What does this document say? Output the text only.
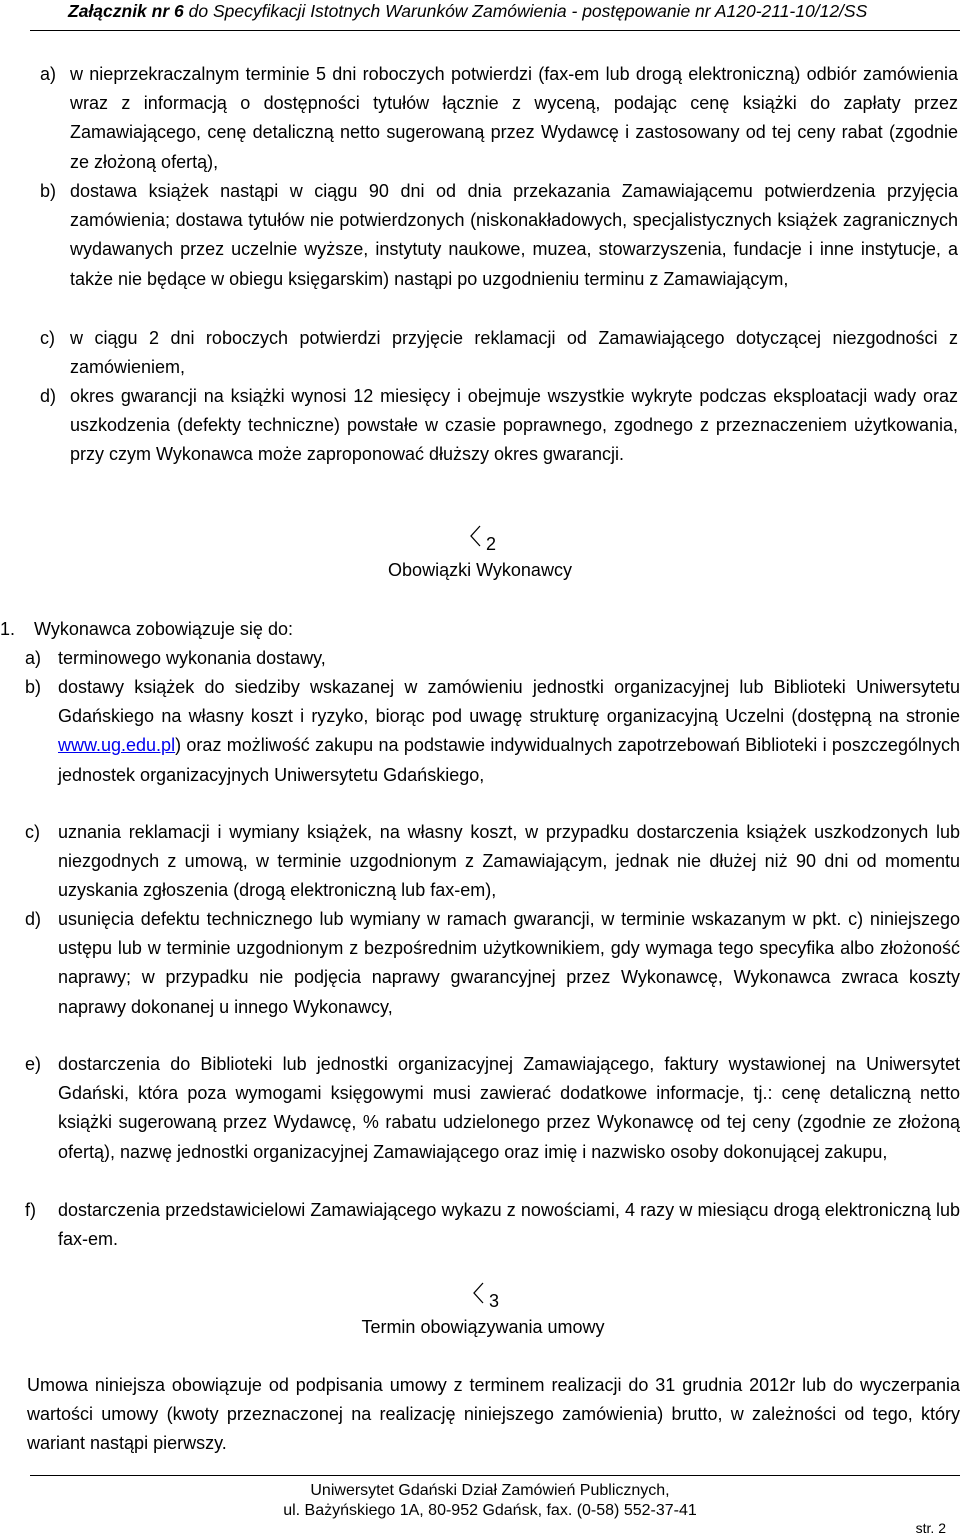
Załącznik nr 6 do Specyfikacji Istotnych Warunków Zamówienia - postępowanie nr A120-211-10/12/SS
a) w nieprzekraczalnym terminie 5 dni roboczych potwierdzi (fax-em lub drogą elektroniczną) odbiór zamówienia wraz z informacją o dostępności tytułów łącznie z wyceną, podając cenę książki do zapłaty przez Zamawiającego, cenę detaliczną netto sugerowaną przez Wydawcę i zastosowany od tej ceny rabat (zgodnie ze złożoną ofertą),
b) dostawa książek nastąpi w ciągu 90 dni od dnia przekazania Zamawiającemu potwierdzenia przyjęcia zamówienia; dostawa tytułów nie potwierdzonych (niskonakładowych, specjalistycznych książek zagranicznych wydawanych przez uczelnie wyższe, instytuty naukowe, muzea, stowarzyszenia, fundacje i inne instytucje, a także nie będące w obiegu księgarskim) nastąpi po uzgodnieniu terminu z Zamawiającym,
c) w ciągu 2 dni roboczych potwierdzi przyjęcie reklamacji od Zamawiającego dotyczącej niezgodności z zamówieniem,
d) okres gwarancji na książki wynosi 12 miesięcy i obejmuje wszystkie wykryte podczas eksploatacji wady oraz uszkodzenia (defekty techniczne) powstałe w czasie poprawnego, zgodnego z przeznaczeniem użytkowania, przy czym Wykonawca może zaproponować dłuższy okres gwarancji.
2
Obowiązki Wykonawcy
1. Wykonawca zobowiązuje się do:
a) terminowego wykonania dostawy,
b) dostawy książek do siedziby wskazanej w zamówieniu jednostki organizacyjnej lub Biblioteki Uniwersytetu Gdańskiego na własny koszt i ryzyko, biorąc pod uwagę strukturę organizacyjną Uczelni (dostępną na stronie www.ug.edu.pl) oraz możliwość zakupu na podstawie indywidualnych zapotrzebowań Biblioteki i poszczególnych jednostek organizacyjnych Uniwersytetu Gdańskiego,
c) uznania reklamacji i wymiany książek, na własny koszt, w przypadku dostarczenia książek uszkodzonych lub niezgodnych z umową, w terminie uzgodnionym z Zamawiającym, jednak nie dłużej niż 90 dni od momentu uzyskania zgłoszenia (drogą elektroniczną lub fax-em),
d) usunięcia defektu technicznego lub wymiany w ramach gwarancji, w terminie wskazanym w pkt. c) niniejszego ustępu lub w terminie uzgodnionym z bezpośrednim użytkownikiem, gdy wymaga tego specyfika albo złożoność naprawy; w przypadku nie podjęcia naprawy gwarancyjnej przez Wykonawcę, Wykonawca zwraca koszty naprawy dokonanej u innego Wykonawcy,
e) dostarczenia do Biblioteki lub jednostki organizacyjnej Zamawiającego, faktury wystawionej na Uniwersytet Gdański, która poza wymogami księgowymi musi zawierać dodatkowe informacje, tj.: cenę detaliczną netto książki sugerowaną przez Wydawcę, % rabatu udzielonego przez Wykonawcę od tej ceny (zgodnie ze złożoną ofertą), nazwę jednostki organizacyjnej Zamawiającego oraz imię i nazwisko osoby dokonującej zakupu,
f) dostarczenia przedstawicielowi Zamawiającego wykazu z nowościami, 4 razy w miesiącu drogą elektroniczną lub fax-em.
3
Termin obowiązywania umowy
Umowa niniejsza obowiązuje od podpisania umowy z terminem realizacji do 31 grudnia 2012r lub do wyczerpania wartości umowy (kwoty przeznaczonej na realizację niniejszego zamówienia) brutto, w zależności od tego, który wariant nastąpi pierwszy.
Uniwersytet Gdański Dział Zamówień Publicznych,
ul. Bażyńskiego 1A, 80-952 Gdańsk, fax. (0-58) 552-37-41
str. 2
